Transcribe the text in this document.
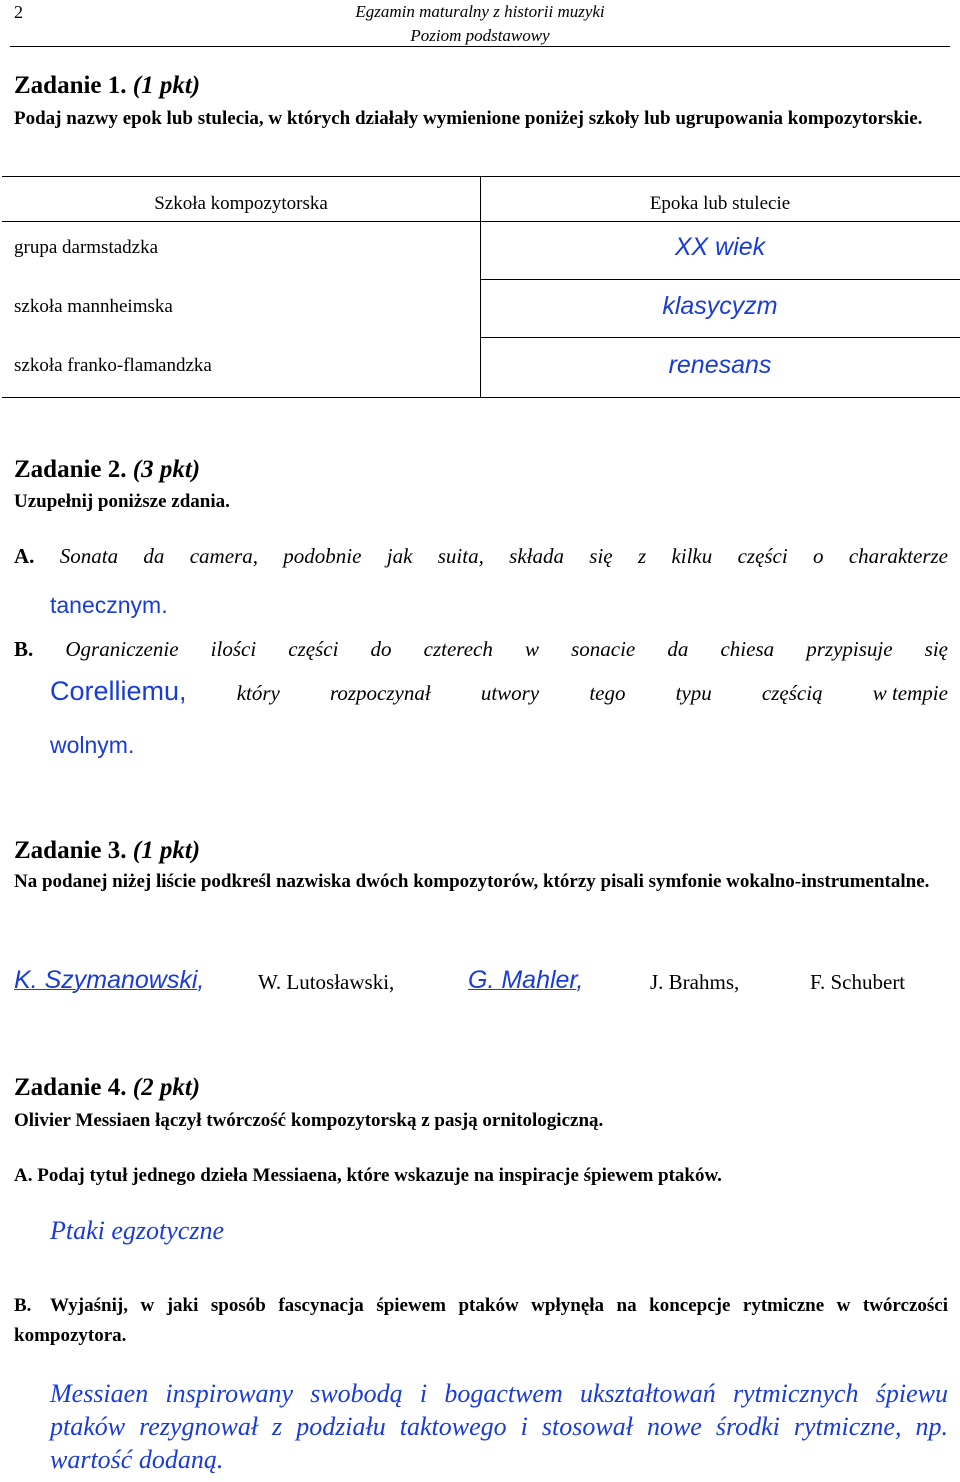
2	Egzamin maturalny z historii muzyki
Poziom podstawowy
Zadanie 1. (1 pkt)
Podaj nazwy epok lub stulecia, w których działały wymienione poniżej szkoły lub ugrupowania kompozytorskie.
Szkoła kompozytorska	Epoka lub stulecie
grupa darmstadzka	XX wiek
szkoła mannheimska	klasycyzm
szkoła franko-flamandzka	renesans
Zadanie 2. (3 pkt)
Uzupełnij poniższe zdania.
A. Sonata da camera, podobnie jak suita, składa się z kilku części o charakterze
tanecznym.
B. Ograniczenie ilości części do czterech w sonacie da chiesa przypisuje się
Corelliemu, który rozpoczynał utwory tego typu częścią w tempie
wolnym.
Zadanie 3. (1 pkt)
Na podanej niżej liście podkreśl nazwiska dwóch kompozytorów, którzy pisali symfonie wokalno-instrumentalne.
K. Szymanowski,	W. Lutosławski,	G. Mahler,	J. Brahms,	F. Schubert
Zadanie 4. (2 pkt)
Olivier Messiaen łączył twórczość kompozytorską z pasją ornitologiczną.
A. Podaj tytuł jednego dzieła Messiaena, które wskazuje na inspiracje śpiewem ptaków.
Ptaki egzotyczne
B. Wyjaśnij, w jaki sposób fascynacja śpiewem ptaków wpłynęła na koncepcje rytmiczne w twórczości kompozytora.
Messiaen inspirowany swobodą i bogactwem ukształtowań rytmicznych śpiewu ptaków rezygnował z podziału taktowego i stosował nowe środki rytmiczne, np. wartość dodaną.
